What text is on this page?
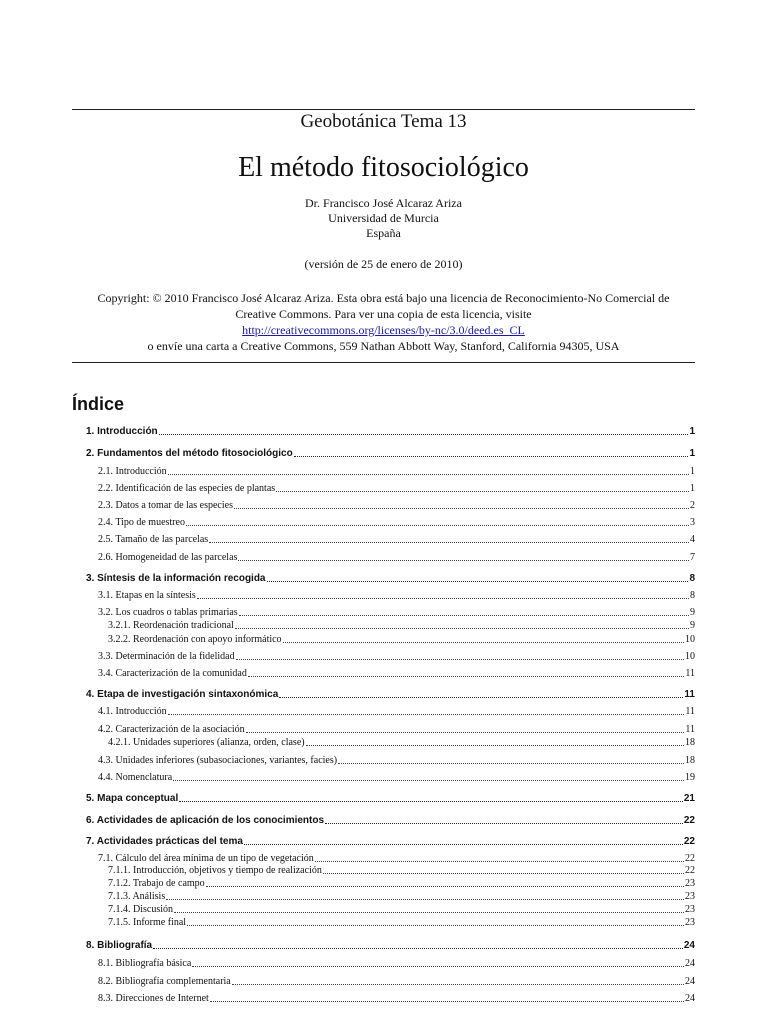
Geobotánica Tema 13
El método fitosociológico
Dr. Francisco José Alcaraz Ariza
Universidad de Murcia
España
(versión de 25 de enero de 2010)
Copyright: © 2010 Francisco José Alcaraz Ariza. Esta obra está bajo una licencia de Reconocimiento-No Comercial de
Creative Commons. Para ver una copia de esta licencia, visite
http://creativecommons.org/licenses/by-nc/3.0/deed.es_CL
o envíe una carta a Creative Commons, 559 Nathan Abbott Way, Stanford, California 94305, USA
Índice
1. Introducción	1
2. Fundamentos del método fitosociológico	1
2.1. Introducción	1
2.2. Identificación de las especies de plantas	1
2.3. Datos a tomar de las especies	2
2.4. Tipo de muestreo	3
2.5. Tamaño de las parcelas	4
2.6. Homogeneidad de las parcelas	7
3. Síntesis de la información recogida	8
3.1. Etapas en la síntesis	8
3.2. Los cuadros o tablas primarias	9
3.2.1. Reordenación tradicional	9
3.2.2. Reordenación con apoyo informático	10
3.3. Determinación de la fidelidad	10
3.4. Caracterización de la comunidad	11
4. Etapa de investigación sintaxonómica	11
4.1. Introducción	11
4.2. Caracterización de la asociación	11
4.2.1. Unidades superiores (alianza, orden, clase)	18
4.3. Unidades inferiores (subasociaciones, variantes, facies)	18
4.4. Nomenclatura	19
5. Mapa conceptual	21
6. Actividades de aplicación de los conocimientos	22
7. Actividades prácticas del tema	22
7.1. Cálculo del área mínima de un tipo de vegetación	22
7.1.1. Introducción, objetivos y tiempo de realización	22
7.1.2. Trabajo de campo	23
7.1.3. Análisis	23
7.1.4. Discusión	23
7.1.5. Informe final	23
8. Bibliografía	24
8.1. Bibliografía básica	24
8.2. Bibliografía complementaria	24
8.3. Direcciones de Internet	24
